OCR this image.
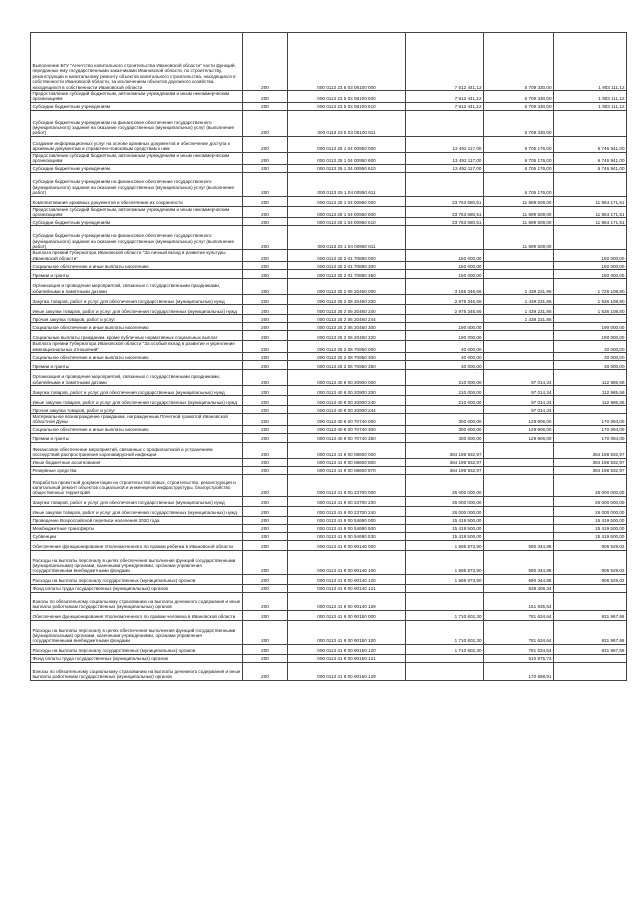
Выполнение БГУ "Агентство капитального строительства Ивановской области" части функций, переданных ему государственными заказчиками Ивановской области, по строительству, реконструкции и капитальному ремонту объектов капитального строительства, находящихся в собственности Ивановской области, за исключением объектов дорожного хозяйства, находящихся в собственности Ивановской области	200	000 0113 23 5 03 08100 000	7 612 441,12	5 709 330,00	1 903 111,12
Предоставление субсидий бюджетным, автономным учреждениям и иным некоммерческим организациям	200	000 0113 23 5 03 08100 600	7 612 441,12	5 709 330,00	1 903 111,12
Субсидии бюджетным учреждениям	200	000 0113 23 5 03 08100 610	7 612 441,12	5 709 330,00	1 903 111,12
Субсидии бюджетным учреждениям на финансовое обеспечение государственного (муниципального) задания на оказание государственных (муниципальных) услуг (выполнение работ)	200	000 0113 23 5 03 08100 611		5 709 330,00	
Создание информационных услуг на основе архивных документов и обеспечение доступа к архивным документам и справочно-поисковым средствам к ним	200	000 0113 25 1 04 00950 000	13 492 117,00	6 705 176,00	6 746 941,00
Предоставление субсидий бюджетным, автономным учреждениям и иным некоммерческим организациям	200	000 0113 25 1 04 00950 600	13 492 117,00	6 705 176,00	6 746 941,00
Субсидии бюджетным учреждениям	200	000 0113 25 1 04 00950 610	13 492 117,00	6 705 176,00	6 746 941,00
Субсидии бюджетным учреждениям на финансовое обеспечение государственного (муниципального) задания на оказание государственных (муниципальных) услуг (выполнение работ)	200	000 0113 25 1 04 00950 611		6 705 176,00	
Комплектование архивных документов и обеспечение их сохранности	200	000 0113 25 1 04 00960 000	23 763 680,51	11 899 509,00	11 864 171,51
Предоставление субсидий бюджетным, автономным учреждениям и иным некоммерческим организациям	200	000 0113 25 1 04 00960 600	23 763 680,51	11 899 509,00	11 864 171,51
Субсидии бюджетным учреждениям	200	000 0113 25 1 04 00960 610	23 763 680,51	11 899 509,00	11 864 171,51
Субсидии бюджетным учреждениям на финансовое обеспечение государственного (муниципального) задания на оказание государственных (муниципальных) услуг (выполнение работ)	200	000 0113 25 1 04 00960 611		11 899 509,00	
Выплата премий Губернатора Ивановской области "За личный вклад в развитие культуры Ивановской области"	200	000 0113 25 2 01 70880 000	150 000,00		150 000,00
Социальное обеспечение и иные выплаты населению	200	000 0113 25 2 01 70880 300	150 000,00		150 000,00
Премии и гранты	200	000 0113 25 2 01 70880 350	150 000,00		150 000,00
Организация и проведение мероприятий, связанных с государственными праздниками, юбилейными и памятными датами	200	000 0113 25 2 06 20460 000	3 165 346,66	1 439 231,86	1 726 108,80
Закупка товаров, работ и услуг для обеспечения государственных (муниципальных) нужд	200	000 0113 25 2 06 20460 200	2 975 346,66	1 439 231,86	1 536 108,80
Иные закупки товаров, работ и услуг для обеспечения государственных (муниципальных) нужд	200	000 0113 25 2 06 20460 240	2 975 346,66	1 439 231,86	1 536 108,80
Прочая закупка товаров, работ и услуг	200	000 0113 25 2 06 20460 244		1 439 231,86	
Социальное обеспечение и иные выплаты населению	200	000 0113 25 2 06 20460 300	190 000,00		190 000,00
Социальные выплаты гражданам, кроме публичных нормативных социальных выплат	200	000 0113 25 2 06 20460 320	190 000,00		190 000,00
Выплата премии Губернатора Ивановской области "За особый вклад в развитие и укрепление межнациональных отношений"	200	000 0113 25 2 06 70950 000	40 000,00		40 000,00
Социальное обеспечение и иные выплаты населению	200	000 0113 25 2 06 70950 300	40 000,00		40 000,00
Премии и гранты	200	000 0113 25 2 06 70950 350	40 000,00		40 000,00
Организация и проведение мероприятий, связанных с государственными праздниками, юбилейными и памятными датами	200	000 0113 40 9 00 20900 000	210 000,00	97 014,34	112 985,66
Закупка товаров, работ и услуг для обеспечения государственных (муниципальных) нужд	200	000 0113 40 9 00 20900 200	210 000,00	97 014,34	112 985,66
Иные закупки товаров, работ и услуг для обеспечения государственных (муниципальных) нужд	200	000 0113 40 9 00 20900 240	210 000,00	97 014,34	112 985,66
Прочая закупка товаров, работ и услуг	200	000 0113 40 9 00 20900 244		97 014,34	
Материальное вознаграждение гражданам, награжденным Почетной грамотой Ивановской областной Думы	200	000 0113 40 9 00 70740 000	300 000,00	129 906,00	170 094,00
Социальное обеспечение и иные выплаты населению	200	000 0113 40 9 00 70740 300	300 000,00	129 906,00	170 094,00
Премии и гранты	200	000 0113 40 9 00 70740 350	300 000,00	129 906,00	170 094,00
Финансовое обеспечение мероприятий, связанных с профилактикой и устранением последствий распространения коронавирусной инфекции	200	000 0113 41 9 00 08600 000	364 198 932,97		364 198 932,97
Иные бюджетные ассигнования	200	000 0113 41 9 00 08600 800	364 198 932,97		364 198 932,97
Резервные средства	200	000 0113 41 9 00 08600 870	364 198 932,97		364 198 932,97
Разработка проектной документации на строительство новых, строительство, реконструкция и капитальный ремонт объектов социальной и инженерной инфраструктуры, благоустройство общественных территорий	200	000 0113 41 9 00 23700 000	26 000 000,00		26 000 000,00
Закупка товаров, работ и услуг для обеспечения государственных (муниципальных) нужд	200	000 0113 41 9 00 23700 200	26 000 000,00		26 000 000,00
Иные закупки товаров, работ и услуг для обеспечения государственных (муниципальных) нужд	200	000 0113 41 9 00 23700 240	26 000 000,00		26 000 000,00
Проведение Всероссийской переписи населения 2020 года	200	000 0113 41 9 00 54690 000	15 419 500,00		15 419 500,00
Межбюджетные трансферты	200	000 0113 41 9 00 54690 500	15 419 500,00		15 419 500,00
Субвенции	200	000 0113 41 9 00 54690 530	15 419 500,00		15 419 500,00
Обеспечение функционирования Уполномоченного по правам ребенка в Ивановской области	200	000 0113 41 9 00 90140 000	1 595 873,90	690 344,88	905 529,02
Расходы на выплаты персоналу в целях обеспечения выполнения функций государственными (муниципальными) органами, казенными учреждениями, органами управления государственными внебюджетными фондами	200	000 0113 41 9 00 90140 100	1 595 873,90	690 344,88	905 529,02
Расходы на выплаты персоналу государственных (муниципальных) органов	200	000 0113 41 9 00 90140 120	1 595 873,90	690 344,88	905 529,02
Фонд оплаты труда государственных (муниципальных) органов	200	000 0113 41 9 00 90140 121		538 409,34	
Взносы по обязательному социальному страхованию на выплаты денежного содержания и иные выплаты работникам государственных (муниципальных) органов	200	000 0113 41 9 00 90140 129		151 935,54	
Обеспечение функционирования Уполномоченного по правам человека в Ивановской области	200	000 0113 41 9 00 90150 000	1 710 602,30	781 634,64	931 967,66
Расходы на выплаты персоналу в целях обеспечения выполнения функций государственными (муниципальными) органами, казенными учреждениями, органами управления государственными внебюджетными фондами	200	000 0113 41 9 00 90150 100	1 710 602,30	781 634,64	931 967,66
Расходы на выплаты персоналу государственных (муниципальных) органов	200	000 0113 41 9 00 90150 120	1 710 602,30	781 634,64	931 967,66
Фонд оплаты труда государственных (муниципальных) органов	200	000 0113 41 9 00 90150 121		610 975,73	
Взносы по обязательному социальному страхованию на выплаты денежного содержания и иные выплаты работникам государственных (муниципальных) органов	200	000 0113 41 9 00 90150 129		170 658,91	
